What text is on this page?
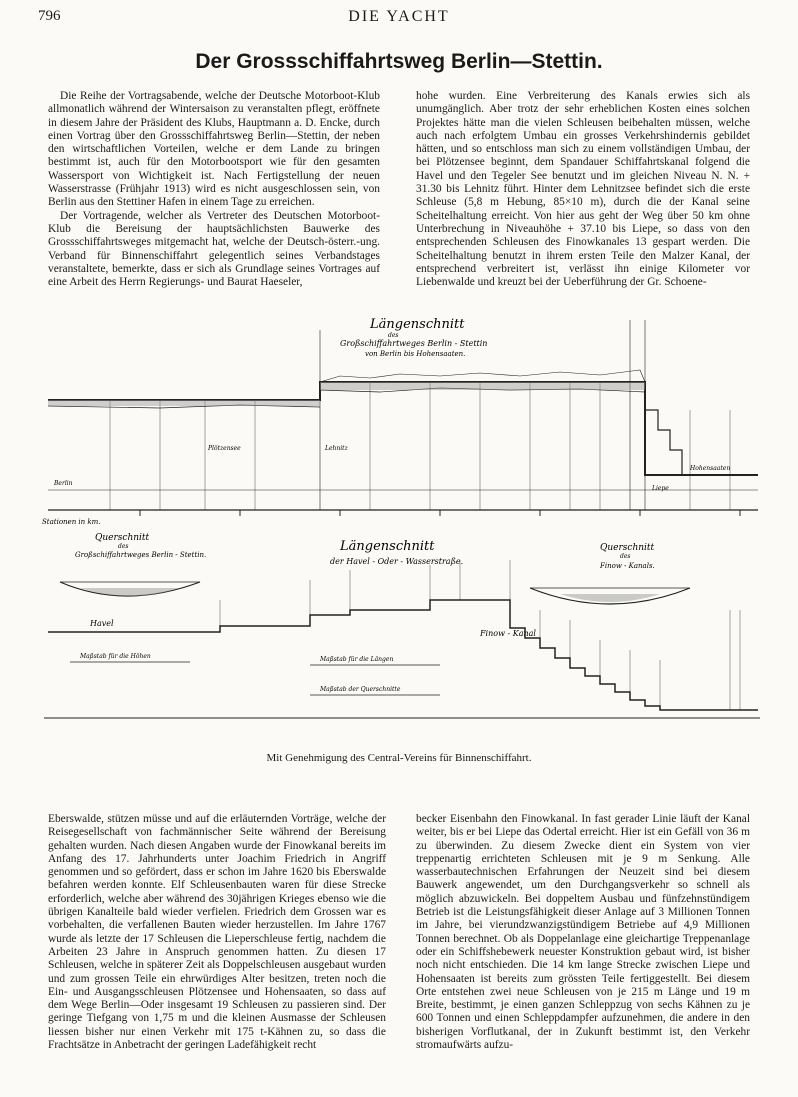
796	DIE YACHT
Der Grossschiffahrtsweg Berlin—Stettin.

Die Reihe der Vortragsabende, welche der Deutsche Motorboot-Klub allmonatlich während der Wintersaison zu veranstalten pflegt, eröffnete in diesem Jahre der Präsident des Klubs, Hauptmann a. D. Encke, durch einen Vortrag über den Grossschiffahrtsweg Berlin—Stettin, der neben den wirtschaftlichen Vorteilen, welche er dem Lande zu bringen bestimmt ist, auch für den Motorbootsport wie für den gesamten Wassersport von Wichtigkeit ist. Nach Fertigstellung der neuen Wasserstrasse (Frühjahr 1913) wird es nicht ausgeschlossen sein, von Berlin aus den Stettiner Hafen in einem Tage zu erreichen.

Der Vortragende, welcher als Vertreter des Deutschen Motorboot-Klub die Bereisung der hauptsächlichsten Bauwerke des Grossschiffahrtsweges mitgemacht hat, welche der Deutsch-österr.-ung. Verband für Binnenschiffahrt gelegentlich seines Verbandstages veranstaltete, bemerkte, dass er sich als Grundlage seines Vortrages auf eine Arbeit des Herrn Regierungs- und Baurat Haeseler,

hohe wurden. Eine Verbreiterung des Kanals erwies sich als unumgänglich. Aber trotz der sehr erheblichen Kosten eines solchen Projektes hätte man die vielen Schleusen beibehalten müssen, welche auch nach erfolgtem Umbau ein grosses Verkehrshindernis gebildet hätten, und so entschloss man sich zu einem vollständigen Umbau, der bei Plötzensee beginnt, dem Spandauer Schiffahrtskanal folgend die Havel und den Tegeler See benutzt und im gleichen Niveau N. N. + 31.30 bis Lehnitz führt. Hinter dem Lehnitzsee befindet sich die erste Schleuse (5,8 m Hebung, 85×10 m), durch die der Kanal seine Scheitelhaltung erreicht. Von hier aus geht der Weg über 50 km ohne Unterbrechung in Niveauhöhe + 37.10 bis Liepe, so dass von den entsprechenden Schleusen des Finowkanales 13 gespart werden. Die Scheitelhaltung benutzt in ihrem ersten Teile den Malzer Kanal, der entsprechend verbreitert ist, verlässt ihn einige Kilometer vor Liebenwalde und kreuzt bei der Ueberführung der Gr. Schoene-

Längenschnitt
des
Großschiffahrtweges Berlin - Stettin
von Berlin bis Hohensaaten.
Stationen in km.
Berlin
Plötzensee	Lehnitz
Liepe
Hohensaaten
Querschnitt
des
Großschiffahrtweges Berlin - Stettin.
Längenschnitt
der Havel - Oder - Wasserstraße.
Querschnitt
des
Finow - Kanals.
Havel
Finow - Kanal
Maßstab für die Höhen	Maßstab für die Längen
Maßstab der Querschnitte
Mit Genehmigung des Central-Vereins für Binnenschiffahrt.

Eberswalde, stützen müsse und auf die erläuternden Vorträge, welche der Reisegesellschaft von fachmännischer Seite während der Bereisung gehalten wurden. Nach diesen Angaben wurde der Finowkanal bereits im Anfang des 17. Jahrhunderts unter Joachim Friedrich in Angriff genommen und so gefördert, dass er schon im Jahre 1620 bis Eberswalde befahren werden konnte. Elf Schleusenbauten waren für diese Strecke erforderlich, welche aber während des 30jährigen Krieges ebenso wie die übrigen Kanalteile bald wieder verfielen. Friedrich dem Grossen war es vorbehalten, die verfallenen Bauten wieder herzustellen. Im Jahre 1767 wurde als letzte der 17 Schleusen die Lieperschleuse fertig, nachdem die Arbeiten 23 Jahre in Anspruch genommen hatten. Zu diesen 17 Schleusen, welche in späterer Zeit als Doppelschleusen ausgebaut wurden und zum grossen Teile ein ehrwürdiges Alter besitzen, treten noch die Ein- und Ausgangsschleusen Plötzensee und Hohensaaten, so dass auf dem Wege Berlin—Oder insgesamt 19 Schleusen zu passieren sind. Der geringe Tiefgang von 1,75 m und die kleinen Ausmasse der Schleusen liessen bisher nur einen Verkehr mit 175 t-Kähnen zu, so dass die Frachtsätze in Anbetracht der geringen Ladefähigkeit recht

becker Eisenbahn den Finowkanal. In fast gerader Linie läuft der Kanal weiter, bis er bei Liepe das Odertal erreicht. Hier ist ein Gefäll von 36 m zu überwinden. Zu diesem Zwecke dient ein System von vier treppenartig errichteten Schleusen mit je 9 m Senkung. Alle wasserbautechnischen Erfahrungen der Neuzeit sind bei diesem Bauwerk angewendet, um den Durchgangsverkehr so schnell als möglich abzuwickeln. Bei doppeltem Ausbau und fünfzehnstündigem Betrieb ist die Leistungsfähigkeit dieser Anlage auf 3 Millionen Tonnen im Jahre, bei vierundzwanzigstündigem Betriebe auf 4,9 Millionen Tonnen berechnet. Ob als Doppelanlage eine gleichartige Treppenanlage oder ein Schiffshebewerk neuester Konstruktion gebaut wird, ist bisher noch nicht entschieden. Die 14 km lange Strecke zwischen Liepe und Hohensaaten ist bereits zum grössten Teile fertiggestellt. Bei diesem Orte entstehen zwei neue Schleusen von je 215 m Länge und 19 m Breite, bestimmt, je einen ganzen Schleppzug von sechs Kähnen zu je 600 Tonnen und einen Schleppdampfer aufzunehmen, die andere in den bisherigen Vorflutkanal, der in Zukunft bestimmt ist, den Verkehr stromaufwärts aufzu-
